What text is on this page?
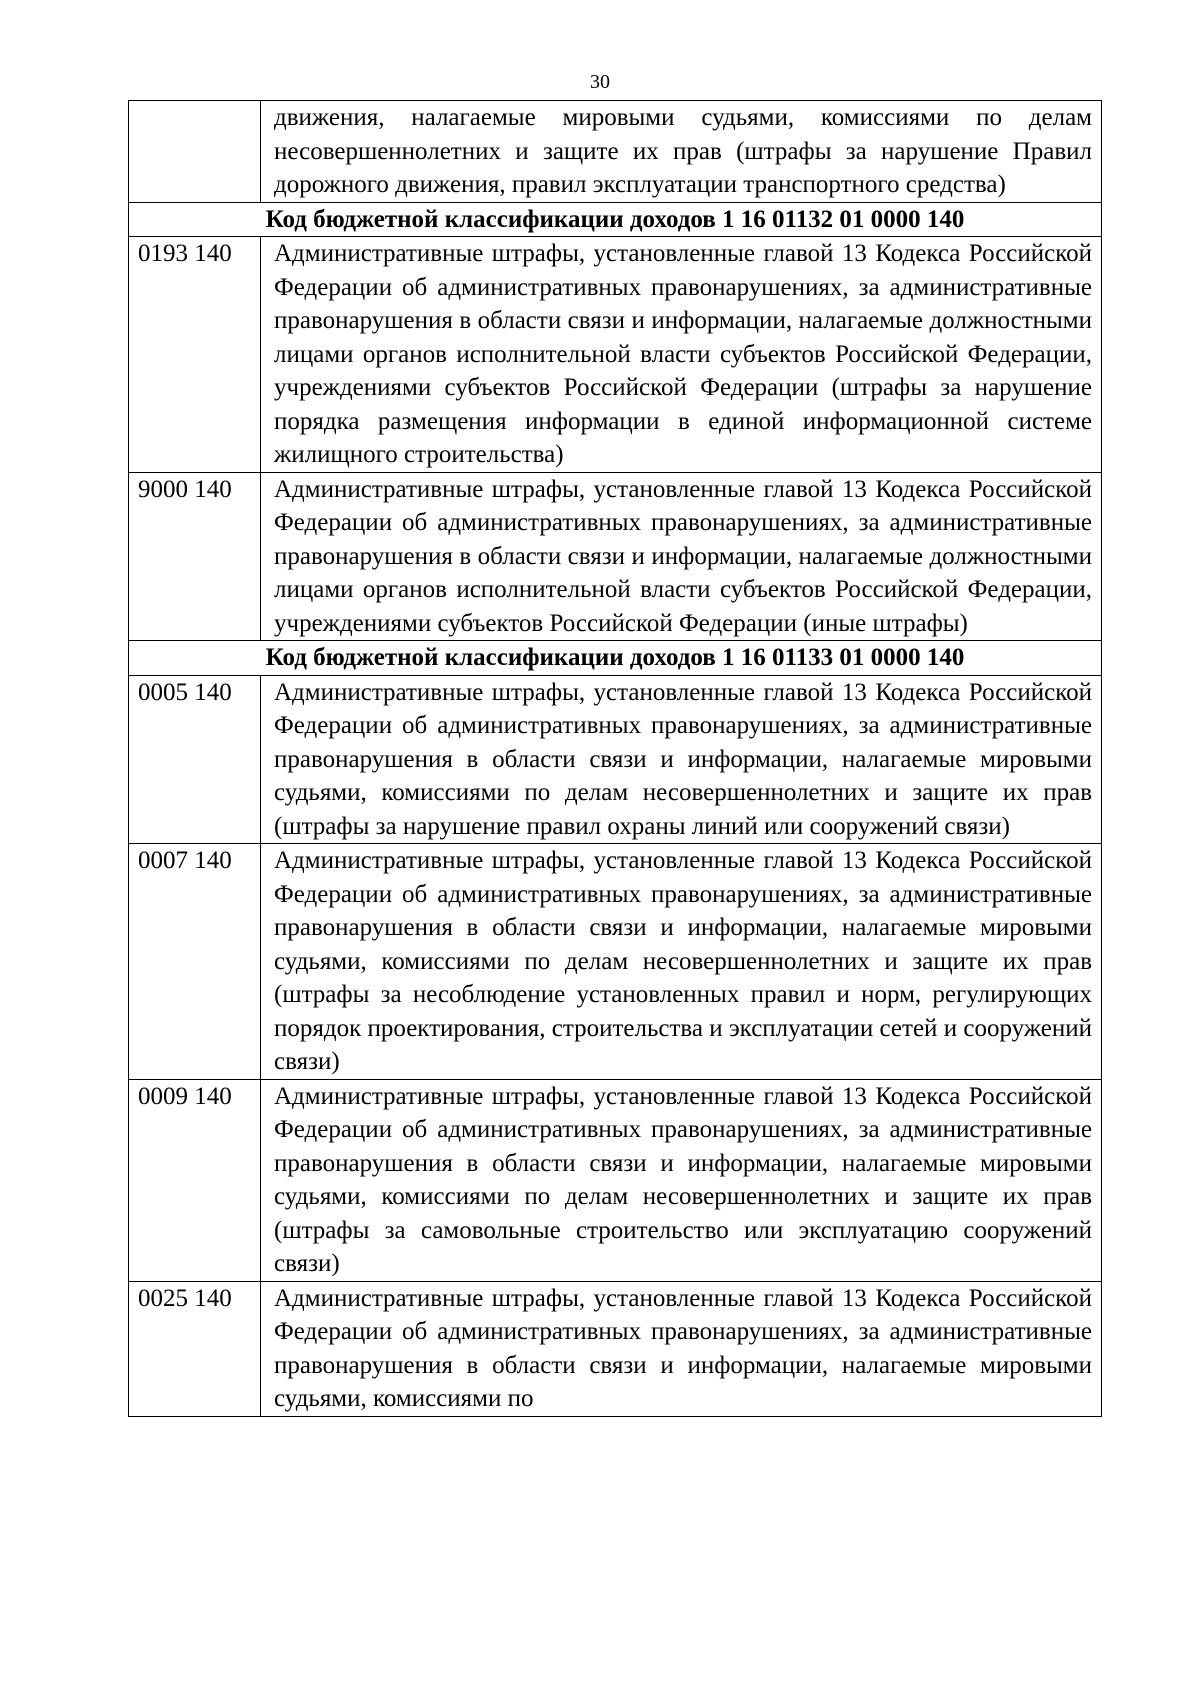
30
	движения, налагаемые мировыми судьями, комиссиями по делам несовершеннолетних и защите их прав (штрафы за нарушение Правил дорожного движения, правил эксплуатации транспортного средства)
Код бюджетной классификации доходов 1 16 01132 01 0000 140	
0193 140	Административные штрафы, установленные главой 13 Кодекса Российской Федерации об административных правонарушениях, за административные правонарушения в области связи и информации, налагаемые должностными лицами органов исполнительной власти субъектов Российской Федерации, учреждениями субъектов Российской Федерации (штрафы за нарушение порядка размещения информации в единой информационной системе жилищного строительства)
9000 140	Административные штрафы, установленные главой 13 Кодекса Российской Федерации об административных правонарушениях, за административные правонарушения в области связи и информации, налагаемые должностными лицами органов исполнительной власти субъектов Российской Федерации, учреждениями субъектов Российской Федерации (иные штрафы)
Код бюджетной классификации доходов 1 16 01133 01 0000 140	
0005 140	Административные штрафы, установленные главой 13 Кодекса Российской Федерации об административных правонарушениях, за административные правонарушения в области связи и информации, налагаемые мировыми судьями, комиссиями по делам несовершеннолетних и защите их прав (штрафы за нарушение правил охраны линий или сооружений связи)
0007 140	Административные штрафы, установленные главой 13 Кодекса Российской Федерации об административных правонарушениях, за административные правонарушения в области связи и информации, налагаемые мировыми судьями, комиссиями по делам несовершеннолетних и защите их прав (штрафы за несоблюдение установленных правил и норм, регулирующих порядок проектирования, строительства и эксплуатации сетей и сооружений связи)
0009 140	Административные штрафы, установленные главой 13 Кодекса Российской Федерации об административных правонарушениях, за административные правонарушения в области связи и информации, налагаемые мировыми судьями, комиссиями по делам несовершеннолетних и защите их прав (штрафы за самовольные строительство или эксплуатацию сооружений связи)
0025 140	Административные штрафы, установленные главой 13 Кодекса Российской Федерации об административных правонарушениях, за административные правонарушения в области связи и информации, налагаемые мировыми судьями, комиссиями по
